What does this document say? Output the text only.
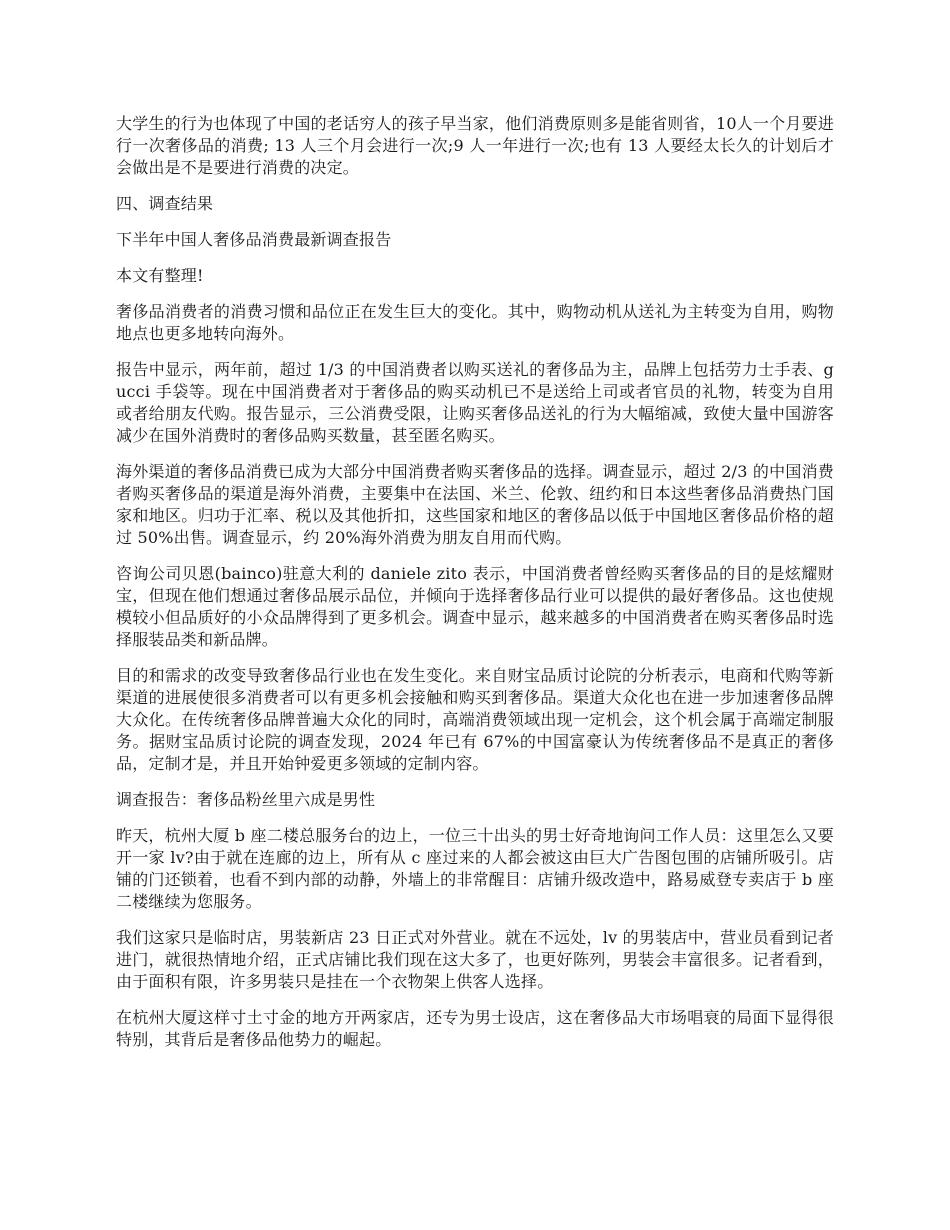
大学生的行为也体现了中国的老话穷人的孩子早当家，他们消费原则多是能省则省，10人一个月要进行一次奢侈品的消费; 13 人三个月会进行一次;9 人一年进行一次;也有 13 人要经太长久的计划后才会做出是不是要进行消费的决定。

四、调查结果

下半年中国人奢侈品消费最新调查报告

本文有整理!

奢侈品消费者的消费习惯和品位正在发生巨大的变化。其中，购物动机从送礼为主转变为自用，购物地点也更多地转向海外。

报告中显示，两年前，超过 1/3 的中国消费者以购买送礼的奢侈品为主，品牌上包括劳力士手表、gucci 手袋等。现在中国消费者对于奢侈品的购买动机已不是送给上司或者官员的礼物，转变为自用或者给朋友代购。报告显示，三公消费受限，让购买奢侈品送礼的行为大幅缩减，致使大量中国游客减少在国外消费时的奢侈品购买数量，甚至匿名购买。

海外渠道的奢侈品消费已成为大部分中国消费者购买奢侈品的选择。调查显示，超过 2/3 的中国消费者购买奢侈品的渠道是海外消费，主要集中在法国、米兰、伦敦、纽约和日本这些奢侈品消费热门国家和地区。归功于汇率、税以及其他折扣，这些国家和地区的奢侈品以低于中国地区奢侈品价格的超过 50%出售。调查显示，约 20%海外消费为朋友自用而代购。

咨询公司贝恩(bainco)驻意大利的 daniele zito 表示，中国消费者曾经购买奢侈品的目的是炫耀财宝，但现在他们想通过奢侈品展示品位，并倾向于选择奢侈品行业可以提供的最好奢侈品。这也使规模较小但品质好的小众品牌得到了更多机会。调查中显示，越来越多的中国消费者在购买奢侈品时选择服装品类和新品牌。

目的和需求的改变导致奢侈品行业也在发生变化。来自财宝品质讨论院的分析表示，电商和代购等新渠道的进展使很多消费者可以有更多机会接触和购买到奢侈品。渠道大众化也在进一步加速奢侈品牌大众化。在传统奢侈品牌普遍大众化的同时，高端消费领域出现一定机会，这个机会属于高端定制服务。据财宝品质讨论院的调查发现，2024 年已有 67%的中国富豪认为传统奢侈品不是真正的奢侈品，定制才是，并且开始钟爱更多领域的定制内容。

调查报告：奢侈品粉丝里六成是男性

昨天，杭州大厦 b 座二楼总服务台的边上，一位三十出头的男士好奇地询问工作人员：这里怎么又要开一家 lv?由于就在连廊的边上，所有从 c 座过来的人都会被这由巨大广告图包围的店铺所吸引。店铺的门还锁着，也看不到内部的动静，外墙上的非常醒目：店铺升级改造中，路易威登专卖店于 b 座二楼继续为您服务。

我们这家只是临时店，男装新店 23 日正式对外营业。就在不远处，lv 的男装店中，营业员看到记者进门，就很热情地介绍，正式店铺比我们现在这大多了，也更好陈列，男装会丰富很多。记者看到，由于面积有限，许多男装只是挂在一个衣物架上供客人选择。

在杭州大厦这样寸土寸金的地方开两家店，还专为男士设店，这在奢侈品大市场唱衰的局面下显得很特别，其背后是奢侈品他势力的崛起。
